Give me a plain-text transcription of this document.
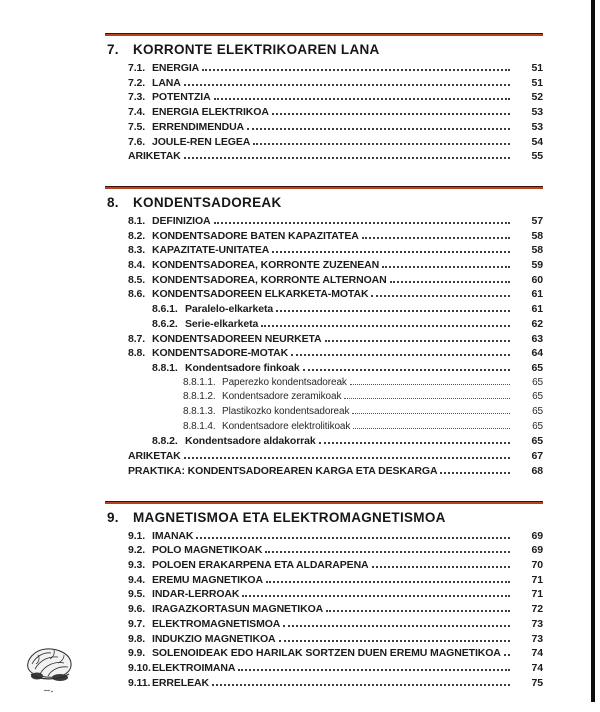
7.	KORRONTE ELEKTRIKOAREN LANA
7.1. ENERGIA	51
7.2. LANA	51
7.3. POTENTZIA	52
7.4. ENERGIA ELEKTRIKOA	53
7.5. ERRENDIMENDUA	53
7.6. JOULE-REN LEGEA	54
ARIKETAK	55
8.	KONDENTSADOREAK
8.1. DEFINIZIOA	57
8.2. KONDENTSADORE BATEN KAPAZITATEA	58
8.3. KAPAZITATE-UNITATEA	58
8.4. KONDENTSADOREA, KORRONTE ZUZENEAN	59
8.5. KONDENTSADOREA, KORRONTE ALTERNOAN	60
8.6. KONDENTSADOREEN ELKARKETA-MOTAK	61
8.6.1. Paralelo-elkarketa	61
8.6.2. Serie-elkarketa	62
8.7. KONDENTSADOREEN NEURKETA	63
8.8. KONDENTSADORE-MOTAK	64
8.8.1. Kondentsadore finkoak	65
8.8.1.1. Paperezko kondentsadoreak	65
8.8.1.2. Kondentsadore zeramikoak	65
8.8.1.3. Plastikozko kondentsadoreak	65
8.8.1.4. Kondentsadore elektrolitikoak	65
8.8.2. Kondentsadore aldakorrak	65
ARIKETAK	67
PRAKTIKA: KONDENTSADOREAREN KARGA ETA DESKARGA	68
9.	MAGNETISMOA ETA ELEKTROMAGNETISMOA
9.1. IMANAK	69
9.2. POLO MAGNETIKOAK	69
9.3. POLOEN ERAKARPENA ETA ALDARAPENA	70
9.4. EREMU MAGNETIKOA	71
9.5. INDAR-LERROAK	71
9.6. IRAGAZKORTASUN MAGNETIKOA	72
9.7. ELEKTROMAGNETISMOA	73
9.8. INDUKZIO MAGNETIKOA	73
9.9. SOLENOIDEAK EDO HARILAK SORTZEN DUEN EREMU MAGNETIKOA	74
9.10. ELEKTROIMANA	74
9.11. ERRELEAK	75
